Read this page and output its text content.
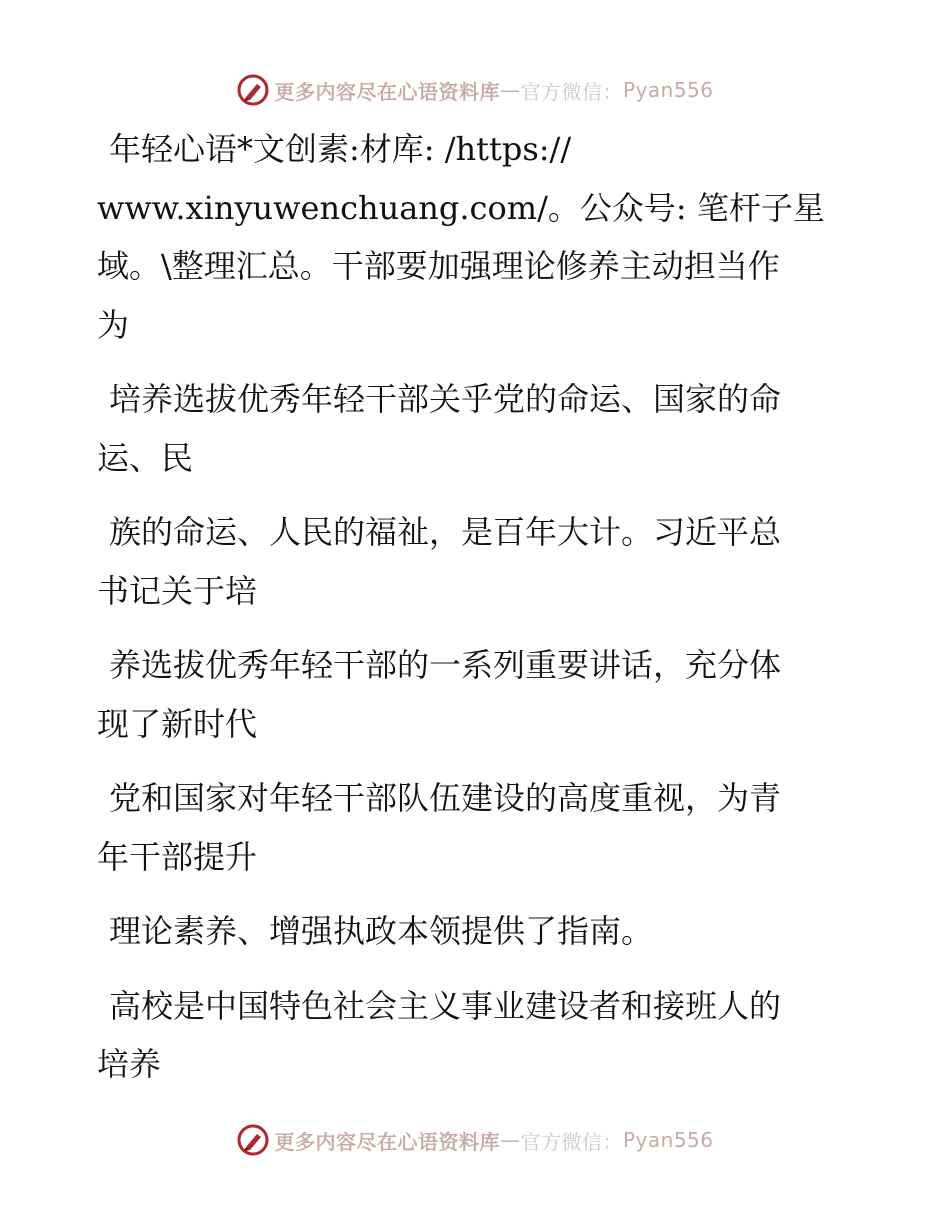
更多内容尽在心语资料库 — 官方微信： Pyan556

年轻心语*文创素:材库: /https://
www.xinyuwenchuang.com/。公众号: 笔杆子星
域。\整理汇总。干部要加强理论修养主动担当作
为

培养选拔优秀年轻干部关乎党的命运、国家的命
运、民

族的命运、人民的福祉，是百年大计。习近平总
书记关于培

养选拔优秀年轻干部的一系列重要讲话，充分体
现了新时代

党和国家对年轻干部队伍建设的高度重视，为青
年干部提升

理论素养、增强执政本领提供了指南。

高校是中国特色社会主义事业建设者和接班人的
培养

更多内容尽在心语资料库 — 官方微信： Pyan556
